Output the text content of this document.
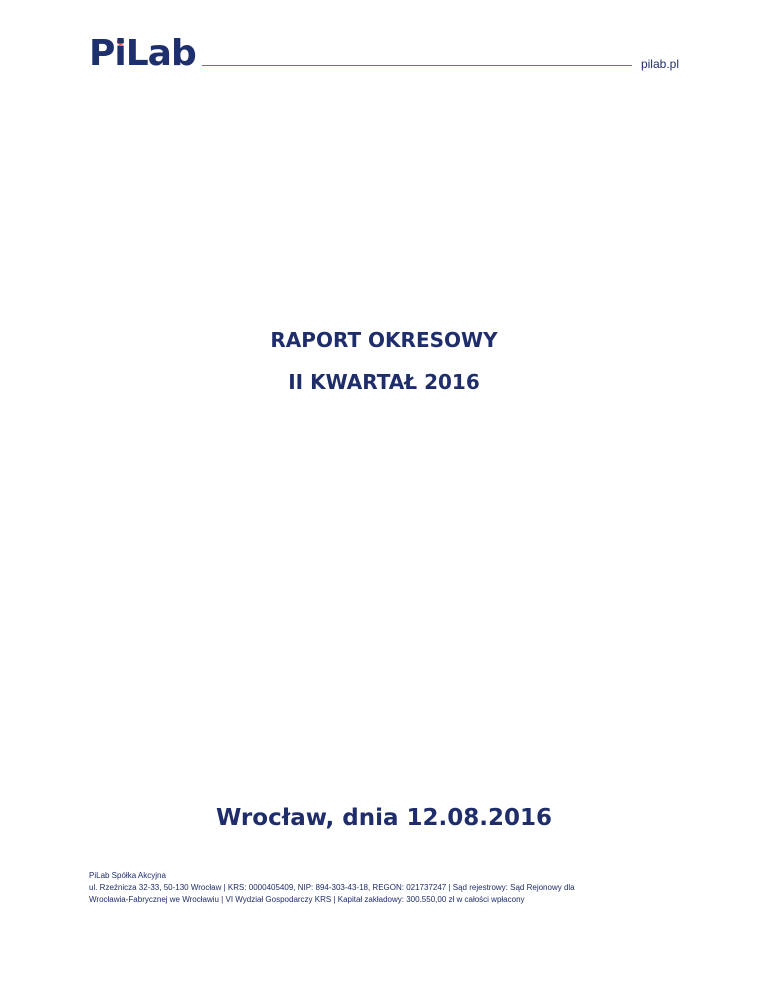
P
iLab	pilab.pl
RAPORT OKRESOWY
II KWARTAŁ 2016
Wrocław, dnia 12.08.2016
PiLab Spółka Akcyjna
ul. Rzeźnicza 32-33, 50-130 Wrocław | KRS: 0000405409, NIP: 894-303-43-18, REGON: 021737247 | Sąd rejestrowy: Sąd Rejonowy dla
Wrocławia-Fabrycznej we Wrocławiu | VI Wydział Gospodarczy KRS | Kapitał zakładowy: 300.550,00 zł w całości wpłacony
